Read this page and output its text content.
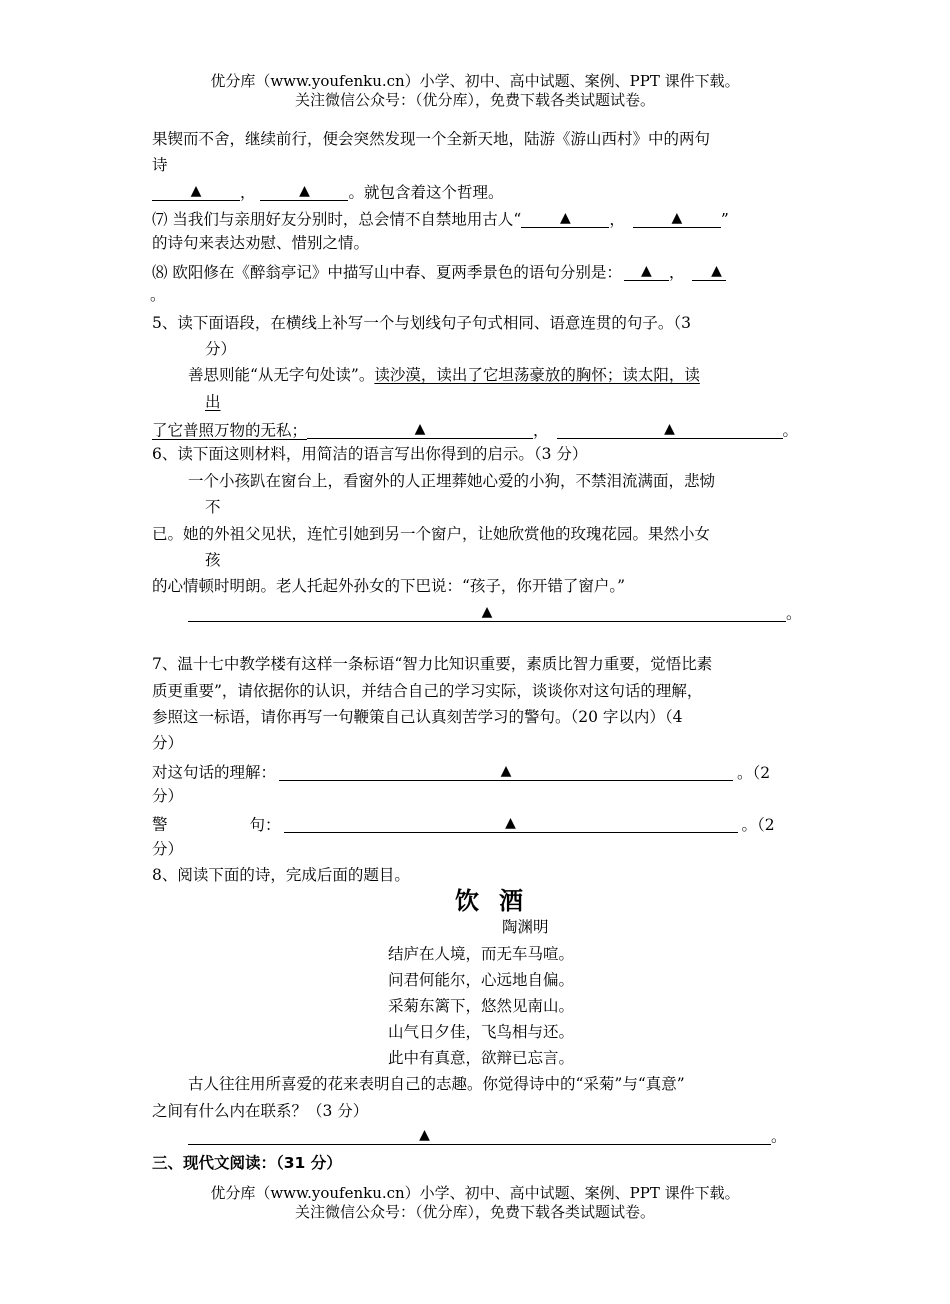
优分库（www.youfenku.cn）小学、初中、高中试题、案例、PPT 课件下载。
关注微信公众号：（优分库），免费下载各类试题试卷。
果锲而不舍，继续前行，便会突然发现一个全新天地，陆游《游山西村》中的两句
诗
▲ ，	▲ 。就包含着这个哲理。
⑺ 当我们与亲朋好友分别时，总会情不自禁地用古人“	▲ ，	▲ ”
的诗句来表达劝慰、惜别之情。
⑻ 欧阳修在《醉翁亭记》中描写山中春、夏两季景色的语句分别是： ▲ ， ▲
。
5、读下面语段，在横线上补写一个与划线句子句式相同、语意连贯的句子。（3
分）
善思则能“从无字句处读”。读沙漠，读出了它坦荡豪放的胸怀；读太阳，读
出
了它普照万物的无私；	▲	，	▲	。
6、读下面这则材料，用简洁的语言写出你得到的启示。（3 分）
一个小孩趴在窗台上，看窗外的人正埋葬她心爱的小狗，不禁泪流满面，悲恸
不
已。她的外祖父见状，连忙引她到另一个窗户，让她欣赏他的玫瑰花园。果然小女
孩
的心情顿时明朗。老人托起外孙女的下巴说：“孩子，你开错了窗户。”
▲	。
7、温十七中教学楼有这样一条标语“智力比知识重要，素质比智力重要，觉悟比素
质更重要”，请依据你的认识，并结合自己的学习实际，谈谈你对这句话的理解，
参照这一标语，请你再写一句鞭策自己认真刻苦学习的警句。（20 字以内）（4
分）
对这句话的理解：	▲	。（2
分）
警	句：	▲	。（2
分）
8、阅读下面的诗，完成后面的题目。
饮酒
陶渊明
结庐在人境，而无车马喧。
问君何能尔，心远地自偏。
采菊东篱下，悠然见南山。
山气日夕佳，飞鸟相与还。
此中有真意，欲辩已忘言。
古人往往用所喜爱的花来表明自己的志趣。你觉得诗中的“采菊”与“真意”
之间有什么内在联系？（3 分）
▲	。
三、现代文阅读：（31 分）
优分库（www.youfenku.cn）小学、初中、高中试题、案例、PPT 课件下载。
关注微信公众号：（优分库），免费下载各类试题试卷。
